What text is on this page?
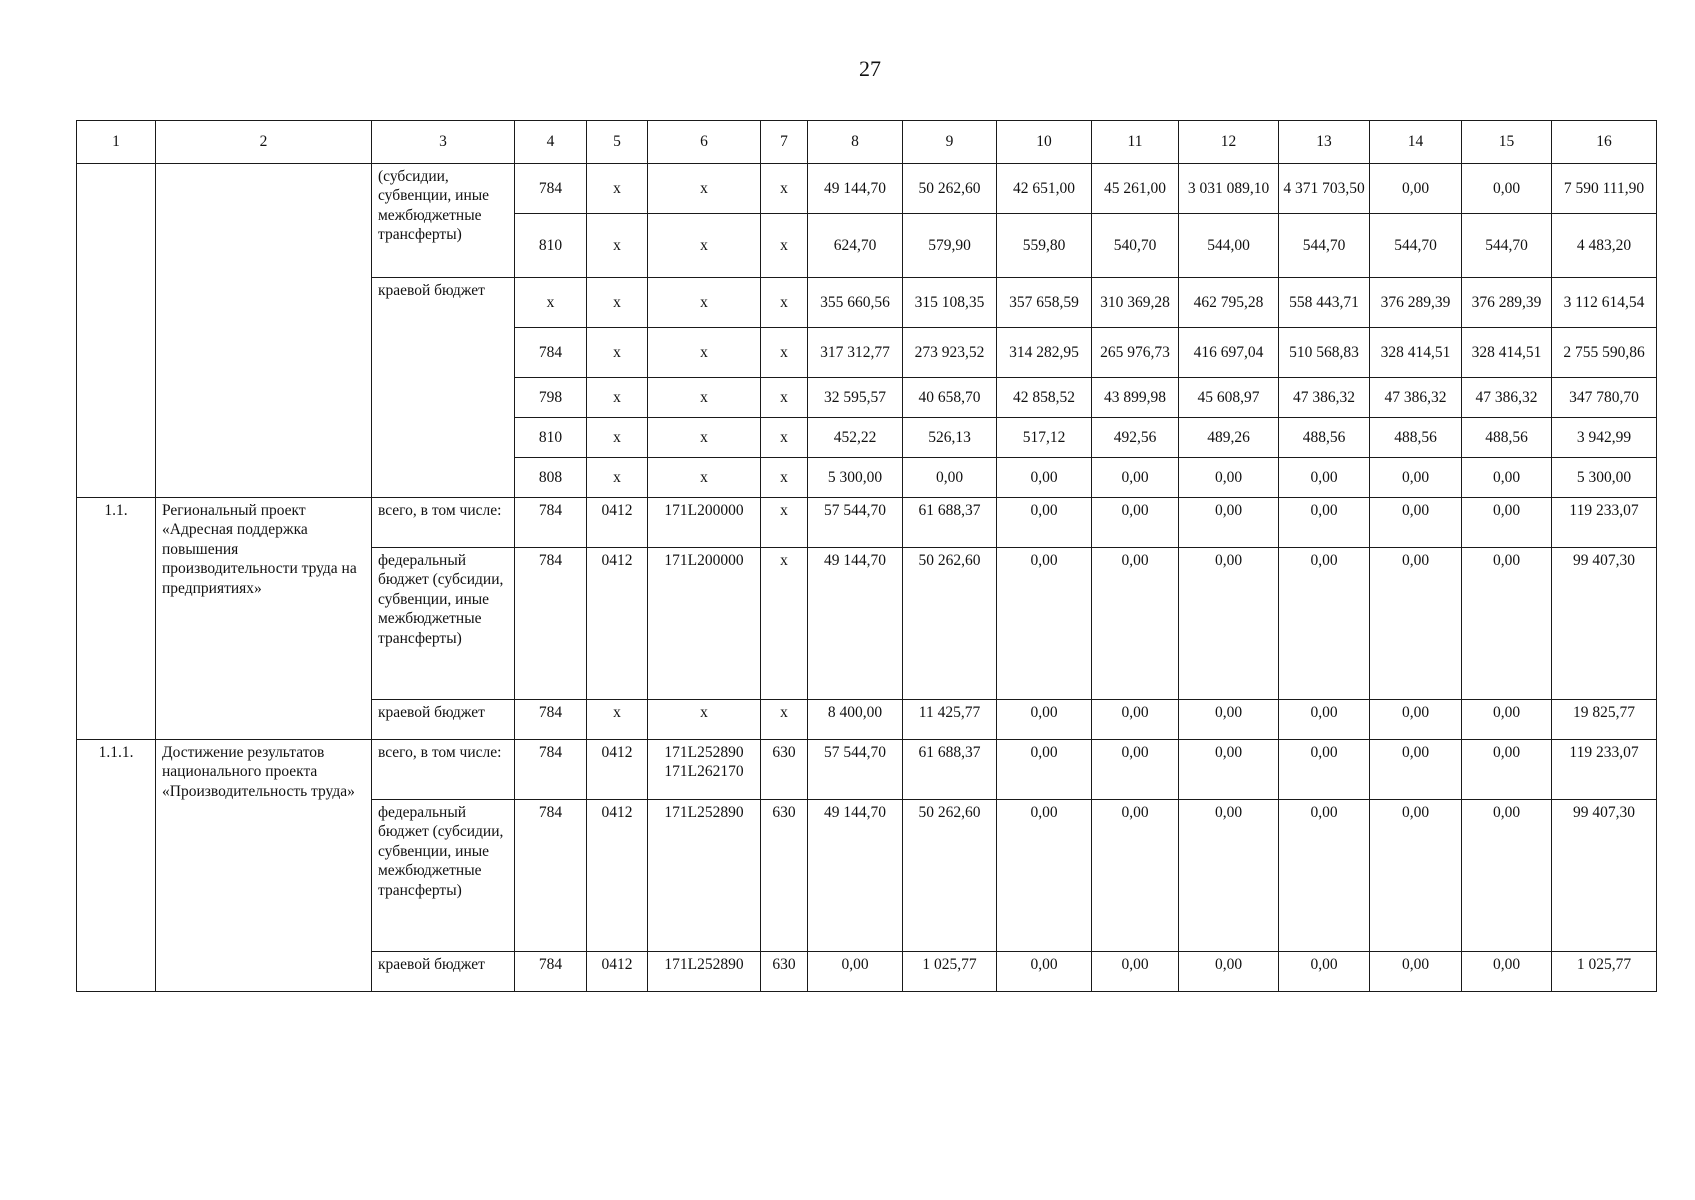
27
1	2	3	4	5	6	7	8	9	10	11	12	13	14	15	16
		(субсидии, субвенции, иные межбюджетные трансферты)	784	x	x	x	49 144,70	50 262,60	42 651,00	45 261,00	3 031 089,10	4 371 703,50	0,00	0,00	7 590 111,90
			810	x	x	x	624,70	579,90	559,80	540,70	544,00	544,70	544,70	544,70	4 483,20
		краевой бюджет	x	x	x	x	355 660,56	315 108,35	357 658,59	310 369,28	462 795,28	558 443,71	376 289,39	376 289,39	3 112 614,54
			784	x	x	x	317 312,77	273 923,52	314 282,95	265 976,73	416 697,04	510 568,83	328 414,51	328 414,51	2 755 590,86
			798	x	x	x	32 595,57	40 658,70	42 858,52	43 899,98	45 608,97	47 386,32	47 386,32	47 386,32	347 780,70
			810	x	x	x	452,22	526,13	517,12	492,56	489,26	488,56	488,56	488,56	3 942,99
			808	x	x	x	5 300,00	0,00	0,00	0,00	0,00	0,00	0,00	0,00	5 300,00
1.1.	Региональный проект «Адресная поддержка повышения производительности труда на предприятиях»	всего, в том числе:	784	0412	171L200000	x	57 544,70	61 688,37	0,00	0,00	0,00	0,00	0,00	0,00	119 233,07
		федеральный бюджет (субсидии, субвенции, иные межбюджетные трансферты)	784	0412	171L200000	x	49 144,70	50 262,60	0,00	0,00	0,00	0,00	0,00	0,00	99 407,30
		краевой бюджет	784	x	x	x	8 400,00	11 425,77	0,00	0,00	0,00	0,00	0,00	0,00	19 825,77
1.1.1.	Достижение результатов национального проекта «Производительность труда»	всего, в том числе:	784	0412	171L252890 171L262170	630	57 544,70	61 688,37	0,00	0,00	0,00	0,00	0,00	0,00	119 233,07
		федеральный бюджет (субсидии, субвенции, иные межбюджетные трансферты)	784	0412	171L252890	630	49 144,70	50 262,60	0,00	0,00	0,00	0,00	0,00	0,00	99 407,30
		краевой бюджет	784	0412	171L252890	630	0,00	1 025,77	0,00	0,00	0,00	0,00	0,00	0,00	1 025,77
